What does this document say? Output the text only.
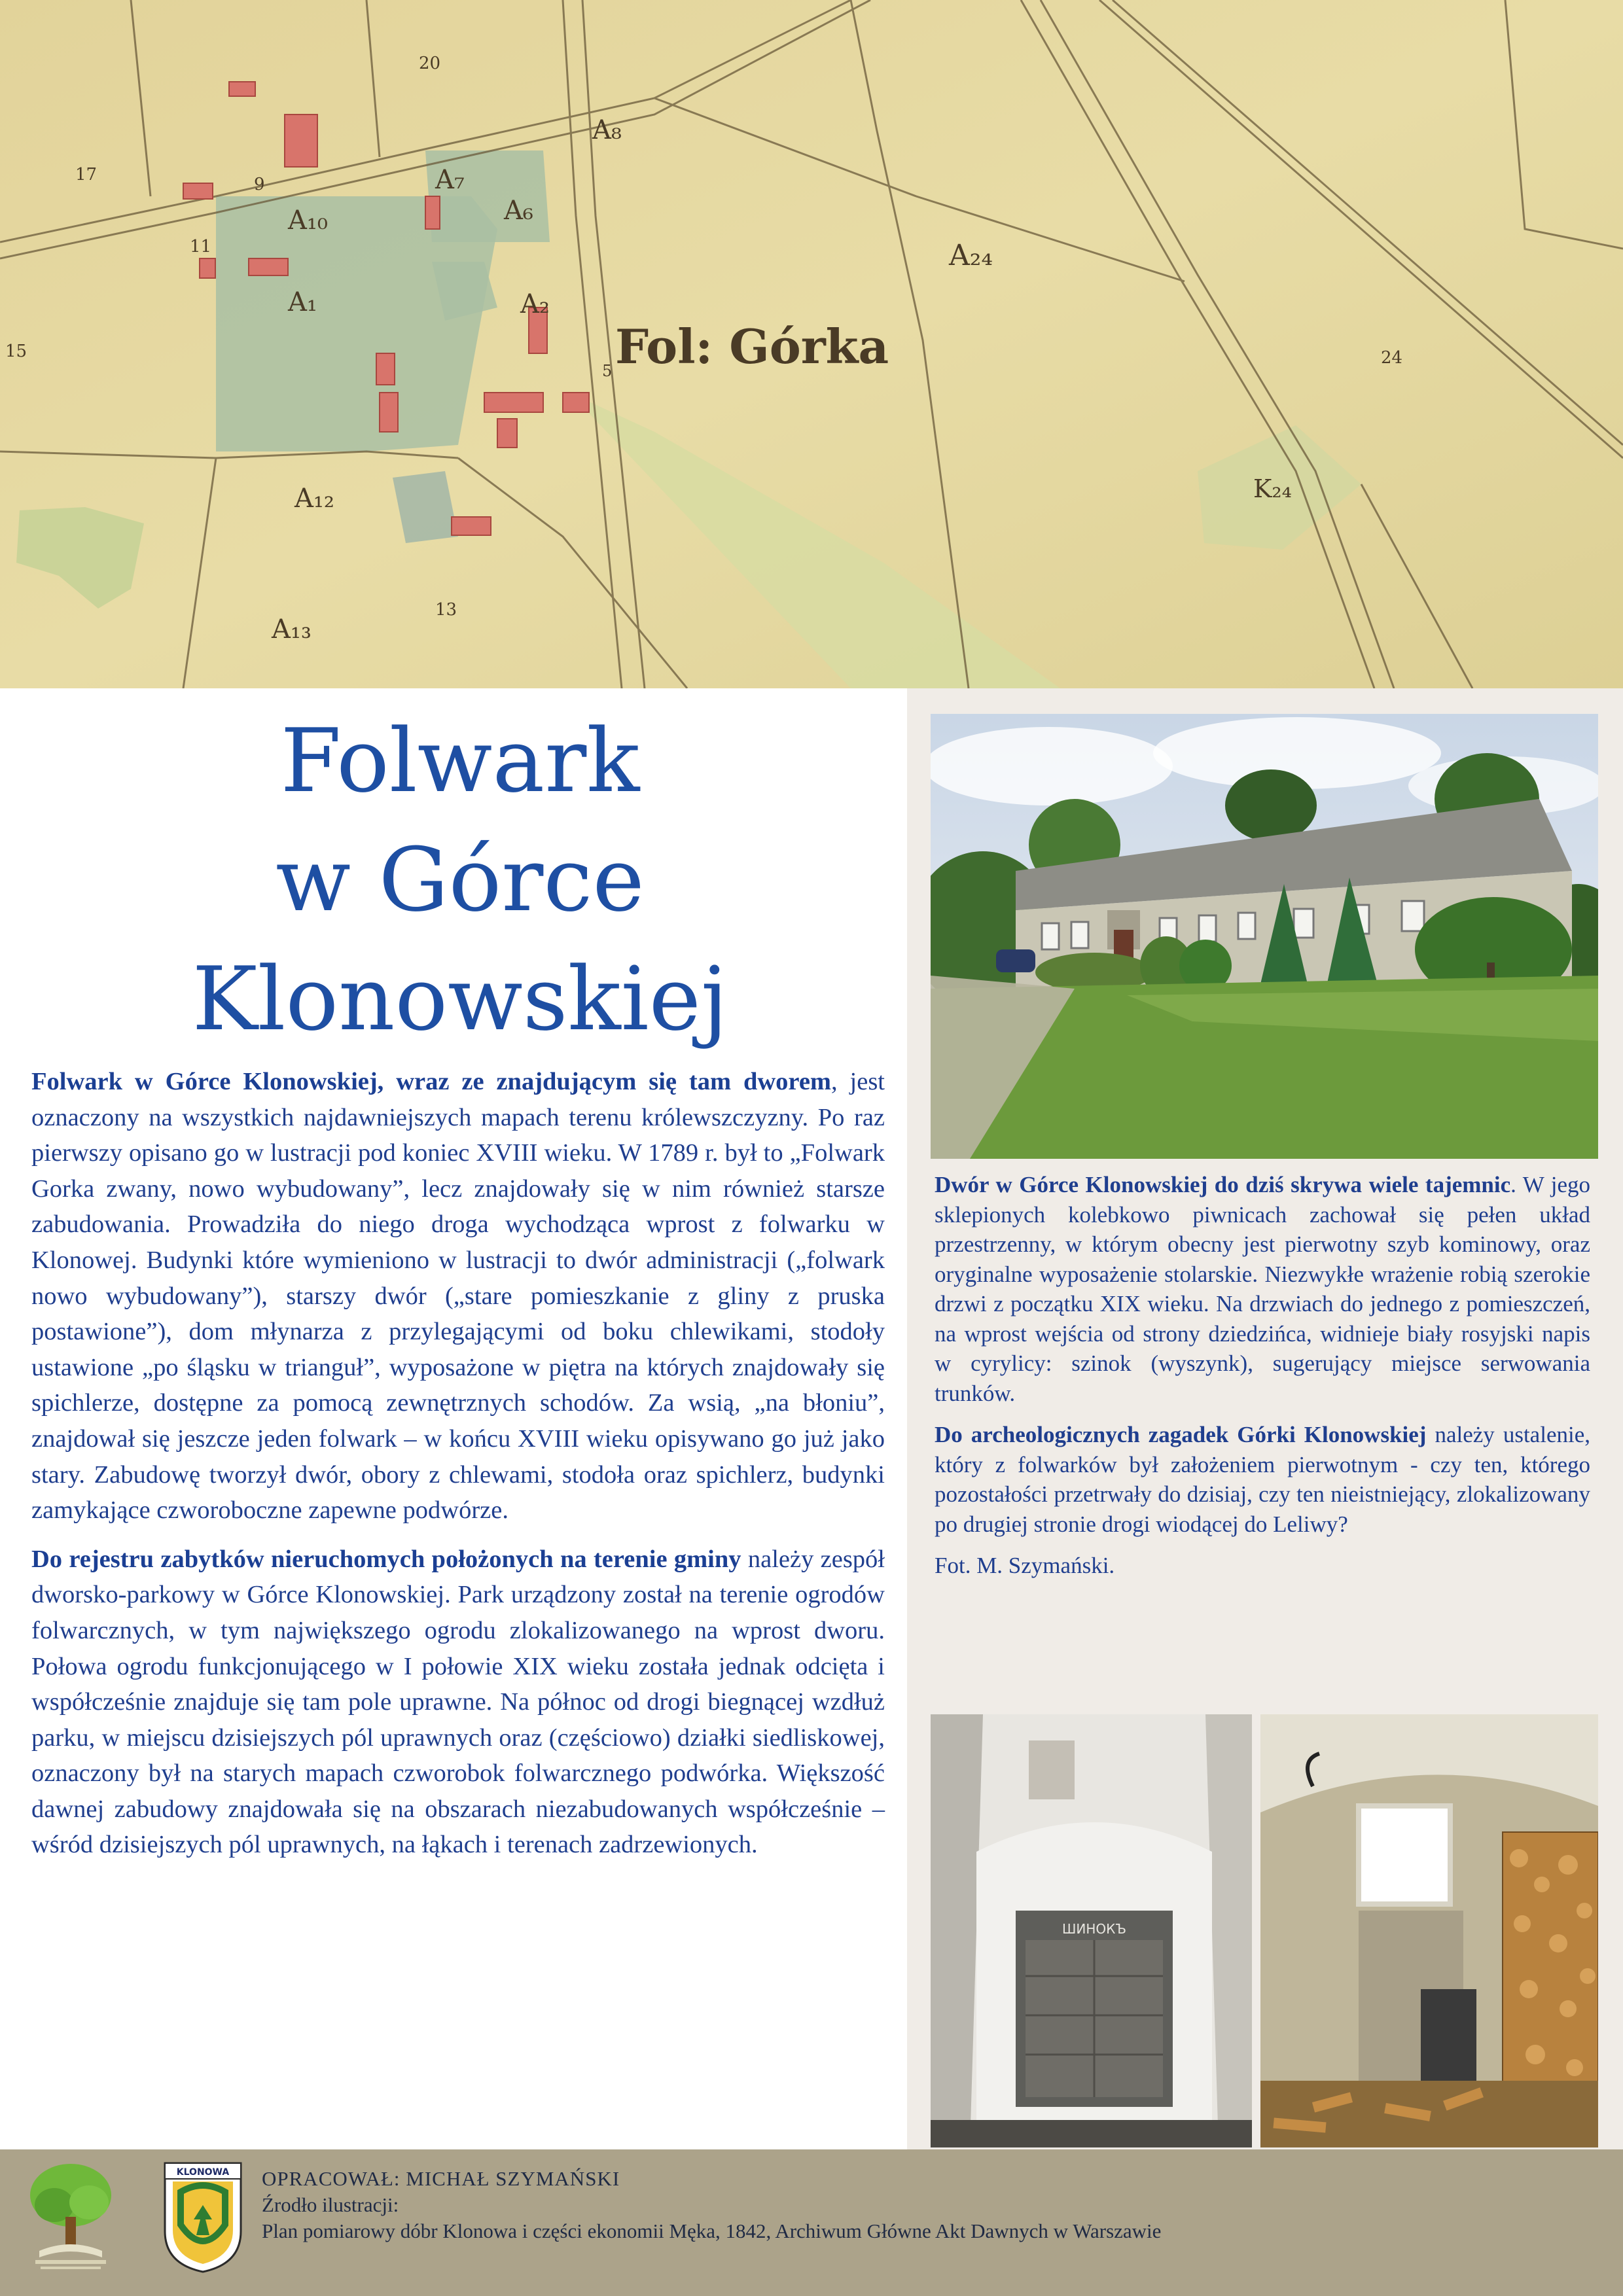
Fol: Górka
A₈
A₇
A₆
A₁₀
A₁	A₂
A₁₂
A₁₃
A₂₄
K₂₄
20
17
15
13
11
9
5
24
Folwark
w Górce
Klonowskiej

Folwark w Górce Klonowskiej, wraz ze znajdującym się tam dworem, jest oznaczony na wszystkich najdawniejszych mapach terenu królewszczyzny. Po raz pierwszy opisano go w lustracji pod koniec XVIII wieku. W 1789 r. był to „Folwark Gorka zwany, nowo wybudowany”, lecz znajdowały się w nim również starsze zabudowania. Prowadziła do niego droga wychodząca wprost z folwarku w Klonowej. Budynki które wymieniono w lustracji to dwór administracji („folwark nowo wybudowany”), starszy dwór („stare pomieszkanie z gliny z pruska postawione”), dom młynarza z przylegającymi od boku chlewikami, stodoły ustawione „po śląsku w trianguł”, wyposażone w piętra na których znajdowały się spichlerze, dostępne za pomocą zewnętrznych schodów. Za wsią, „na błoniu”, znajdował się jeszcze jeden folwark – w końcu XVIII wieku opisywano go już jako stary. Zabudowę tworzył dwór, obory z chlewami, stodoła oraz spichlerz, budynki zamykające czworoboczne zapewne podwórze.

Do rejestru zabytków nieruchomych położonych na terenie gminy należy zespół dworsko-parkowy w Górce Klonowskiej. Park urządzony został na terenie ogrodów folwarcznych, w tym największego ogrodu zlokalizowanego na wprost dworu. Połowa ogrodu funkcjonującego w I połowie XIX wieku została jednak odcięta i współcześnie znajduje się tam pole uprawne. Na północ od drogi biegnącej wzdłuż parku, w miejscu dzisiejszych pól uprawnych oraz (częściowo) działki siedliskowej, oznaczony był na starych mapach czworobok folwarcznego podwórka. Większość dawnej zabudowy znajdowała się na obszarach niezabudowanych współcześnie – wśród dzisiejszych pól uprawnych, na łąkach i terenach zadrzewionych.

Dwór w Górce Klonowskiej do dziś skrywa wiele tajemnic. W jego sklepionych kolebkowo piwnicach zachował się pełen układ przestrzenny, w którym obecny jest pierwotny szyb kominowy, oraz oryginalne wyposażenie stolarskie. Niezwykłe wrażenie robią szerokie drzwi z początku XIX wieku. Na drzwiach do jednego z pomieszczeń, na wprost wejścia od strony dziedzińca, widnieje biały rosyjski napis w cyrylicy: szinok (wyszynk), sugerujący miejsce serwowania trunków.

Do archeologicznych zagadek Górki Klonowskiej należy ustalenie, który z folwarków był założeniem pierwotnym - czy ten, którego pozostałości przetrwały do dzisiaj, czy ten nieistniejący, zlokalizowany po drugiej stronie drogi wiodącej do Leliwy?

Fot. M. Szymański.

ШИНОКЪ
KLONOWA OPRACOWAŁ: MICHAŁ SZYMAŃSKI
Źrodło ilustracji:
Plan pomiarowy dóbr Klonowa i części ekonomii Męka, 1842, Archiwum Główne Akt Dawnych w Warszawie
